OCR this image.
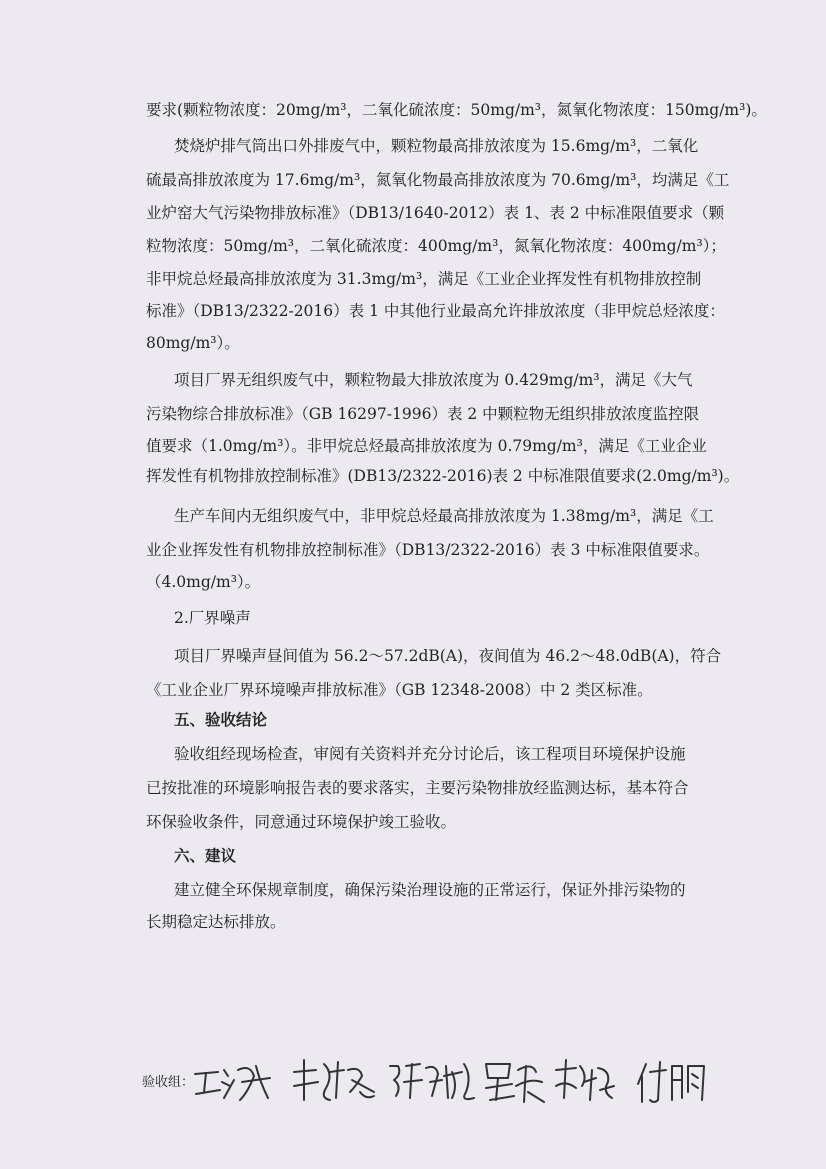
要求(颗粒物浓度：20mg/m³，二氧化硫浓度：50mg/m³，氮氧化物浓度：150mg/m³)。
焚烧炉排气筒出口外排废气中，颗粒物最高排放浓度为 15.6mg/m³，二氧化
硫最高排放浓度为 17.6mg/m³，氮氧化物最高排放浓度为 70.6mg/m³，均满足《工
业炉窑大气污染物排放标准》（DB13/1640-2012）表 1、表 2 中标准限值要求（颗
粒物浓度：50mg/m³，二氧化硫浓度：400mg/m³，氮氧化物浓度：400mg/m³）；
非甲烷总烃最高排放浓度为 31.3mg/m³，满足《工业企业挥发性有机物排放控制
标准》（DB13/2322-2016）表 1 中其他行业最高允许排放浓度（非甲烷总烃浓度：
80mg/m³）。
项目厂界无组织废气中，颗粒物最大排放浓度为 0.429mg/m³，满足《大气
污染物综合排放标准》（GB 16297-1996）表 2 中颗粒物无组织排放浓度监控限
值要求（1.0mg/m³）。非甲烷总烃最高排放浓度为 0.79mg/m³，满足《工业企业
挥发性有机物排放控制标准》(DB13/2322-2016)表 2 中标准限值要求(2.0mg/m³)。
生产车间内无组织废气中，非甲烷总烃最高排放浓度为 1.38mg/m³，满足《工
业企业挥发性有机物排放控制标准》（DB13/2322-2016）表 3 中标准限值要求。
（4.0mg/m³）。
2.厂界噪声
项目厂界噪声昼间值为 56.2～57.2dB(A)，夜间值为 46.2～48.0dB(A)，符合
《工业企业厂界环境噪声排放标准》（GB 12348-2008）中 2 类区标准。
五、验收结论
验收组经现场检查，审阅有关资料并充分讨论后，该工程项目环境保护设施
已按批准的环境影响报告表的要求落实，主要污染物排放经监测达标，基本符合
环保验收条件，同意通过环境保护竣工验收。
六、建议
建立健全环保规章制度，确保污染治理设施的正常运行，保证外排污染物的
长期稳定达标排放。
验收组：
